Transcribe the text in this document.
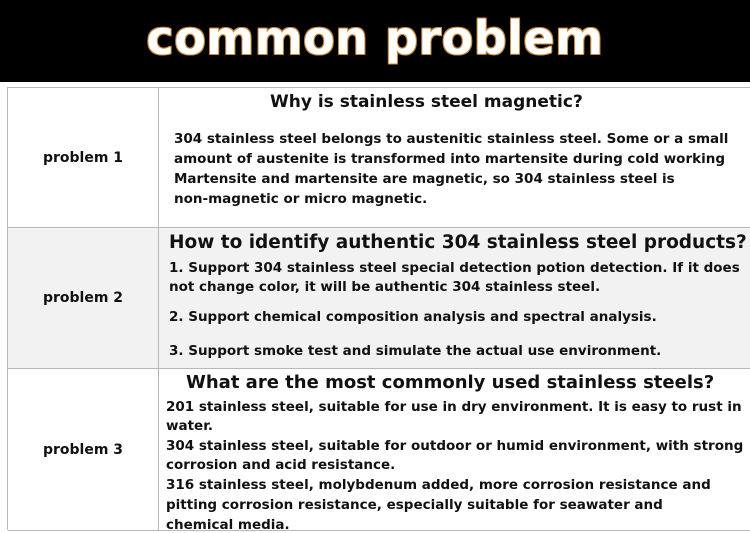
common problem
problem 1
Why is stainless steel magnetic?
304 stainless steel belongs to austenitic stainless steel. Some or a small
amount of austenite is transformed into martensite during cold working
Martensite and martensite are magnetic, so 304 stainless steel is
non-magnetic or micro magnetic.
problem 2
How to identify authentic 304 stainless steel products?
1. Support 304 stainless steel special detection potion detection. If it does
not change color, it will be authentic 304 stainless steel.
2. Support chemical composition analysis and spectral analysis.
3. Support smoke test and simulate the actual use environment.
problem 3
What are the most commonly used stainless steels?
201 stainless steel, suitable for use in dry environment. It is easy to rust in
water.
304 stainless steel, suitable for outdoor or humid environment, with strong
corrosion and acid resistance.
316 stainless steel, molybdenum added, more corrosion resistance and
pitting corrosion resistance, especially suitable for seawater and
chemical media.
